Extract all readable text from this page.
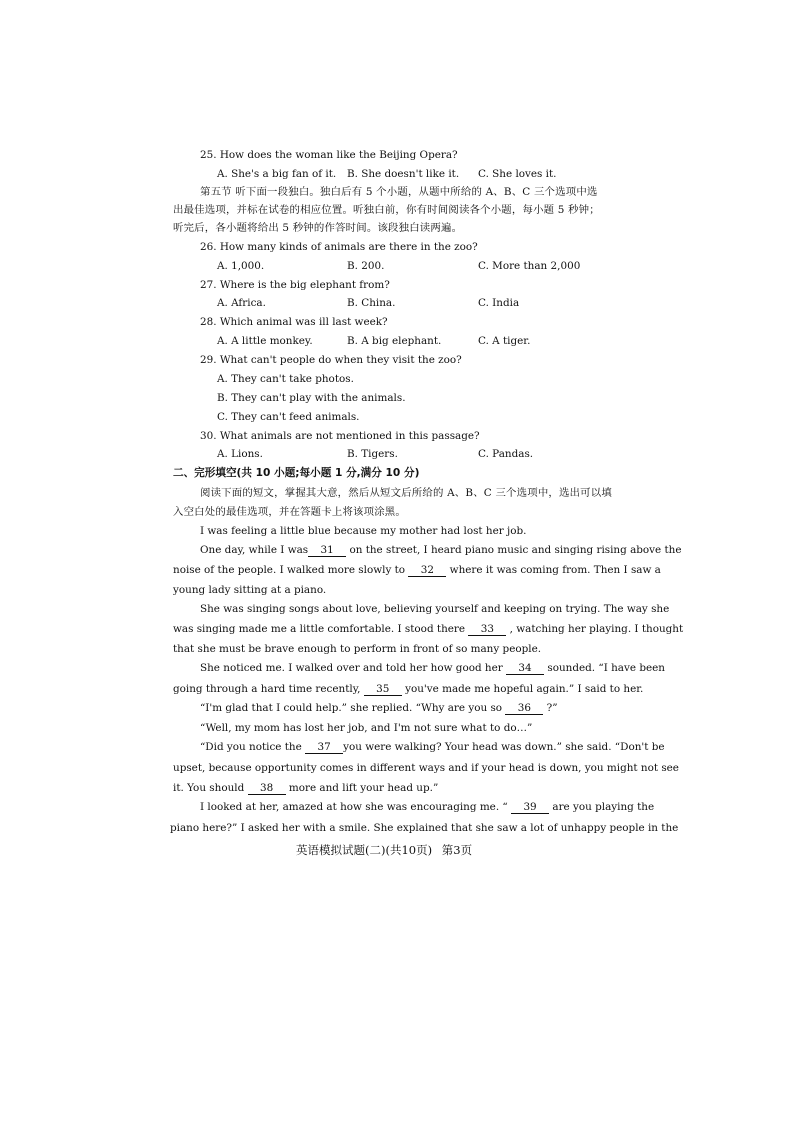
25. How does the woman like the Beijing Opera?
A. She's a big fan of it. B. She doesn't like it. C. She loves it.
第五节 听下面一段独白。独白后有 5 个小题，从题中所给的 A、B、C 三个选项中选
出最佳选项，并标在试卷的相应位置。听独白前，你有时间阅读各个小题，每小题 5 秒钟；
听完后，各小题将给出 5 秒钟的作答时间。该段独白读两遍。
26. How many kinds of animals are there in the zoo?
A. 1,000.	B. 200.	C. More than 2,000
27. Where is the big elephant from?
A. Africa.	B. China.	C. India
28. Which animal was ill last week?
A. A little monkey.	B. A big elephant.	C. A tiger.
29. What can't people do when they visit the zoo?
A. They can't take photos.
B. They can't play with the animals.
C. They can't feed animals.
30. What animals are not mentioned in this passage?
A. Lions.	B. Tigers.	C. Pandas.
二、完形填空(共 10 小题;每小题 1 分,满分 10 分)
阅读下面的短文，掌握其大意，然后从短文后所给的 A、B、C 三个选项中，选出可以填
入空白处的最佳选项，并在答题卡上将该项涂黑。
I was feeling a little blue because my mother had lost her job.
One day, while I was 31 on the street, I heard piano music and singing rising above the
noise of the people. I walked more slowly to 32 where it was coming from. Then I saw a
young lady sitting at a piano.
She was singing songs about love, believing yourself and keeping on trying. The way she
was singing made me a little comfortable. I stood there 33 , watching her playing. I thought
that she must be brave enough to perform in front of so many people.
She noticed me. I walked over and told her how good her 34 sounded. “I have been
going through a hard time recently, 35 you've made me hopeful again.” I said to her.
“I'm glad that I could help.” she replied. “Why are you so 36 ?”
“Well, my mom has lost her job, and I'm not sure what to do…”
“Did you notice the 37 you were walking? Your head was down.” she said. “Don't be
upset, because opportunity comes in different ways and if your head is down, you might not see
it. You should 38 more and lift your head up.”
I looked at her, amazed at how she was encouraging me. “ 39 are you playing the
piano here?” I asked her with a smile. She explained that she saw a lot of unhappy people in the
英语模拟试题(二)(共10页) 第3页
